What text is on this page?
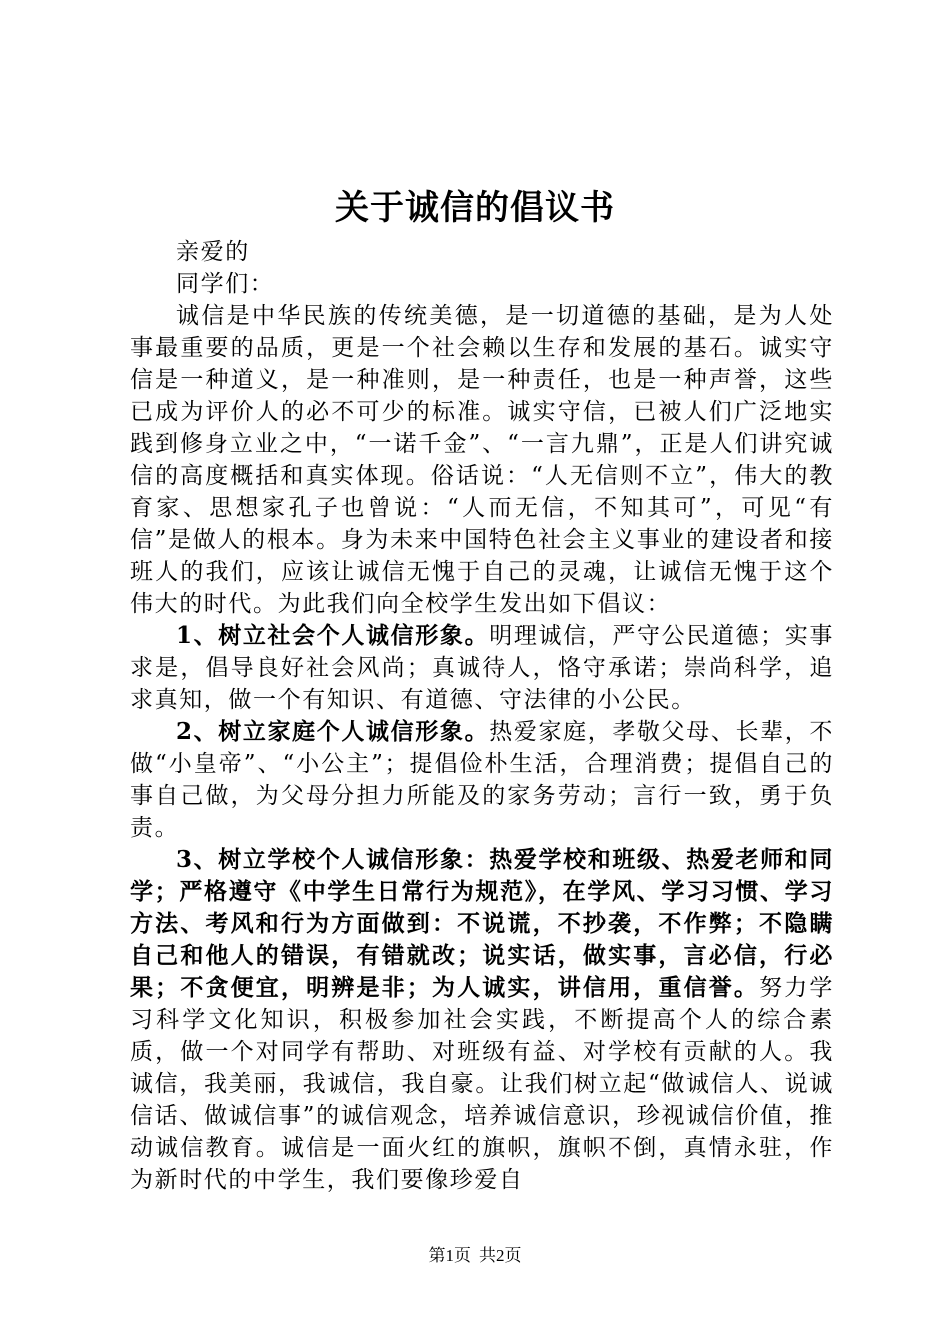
关于诚信的倡议书

亲爱的

同学们：

诚信是中华民族的传统美德，是一切道德的基础，是为人处事最重要的品质，更是一个社会赖以生存和发展的基石。诚实守信是一种道义，是一种准则，是一种责任，也是一种声誉，这些已成为评价人的必不可少的标准。诚实守信，已被人们广泛地实践到修身立业之中，“一诺千金”、“一言九鼎”，正是人们讲究诚信的高度概括和真实体现。俗话说：“人无信则不立”，伟大的教育家、思想家孔子也曾说：“人而无信，不知其可”，可见“有信”是做人的根本。身为未来中国特色社会主义事业的建设者和接班人的我们，应该让诚信无愧于自己的灵魂，让诚信无愧于这个伟大的时代。为此我们向全校学生发出如下倡议：

1、树立社会个人诚信形象。明理诚信，严守公民道德；实事求是，倡导良好社会风尚；真诚待人，恪守承诺；崇尚科学，追求真知，做一个有知识、有道德、守法律的小公民。

2、树立家庭个人诚信形象。热爱家庭，孝敬父母、长辈，不做“小皇帝”、“小公主”；提倡俭朴生活，合理消费；提倡自己的事自己做，为父母分担力所能及的家务劳动；言行一致，勇于负责。

3、树立学校个人诚信形象：热爱学校和班级、热爱老师和同学；严格遵守《中学生日常行为规范》，在学风、学习习惯、学习方法、考风和行为方面做到：不说谎，不抄袭，不作弊；不隐瞒自己和他人的错误，有错就改；说实话，做实事，言必信，行必果；不贪便宜，明辨是非；为人诚实，讲信用，重信誉。努力学习科学文化知识，积极参加社会实践，不断提高个人的综合素质，做一个对同学有帮助、对班级有益、对学校有贡献的人。我诚信，我美丽，我诚信，我自豪。让我们树立起“做诚信人、说诚信话、做诚信事”的诚信观念，培养诚信意识，珍视诚信价值，推动诚信教育。诚信是一面火红的旗帜，旗帜不倒，真情永驻，作为新时代的中学生，我们要像珍爱自

第1页 共2页
